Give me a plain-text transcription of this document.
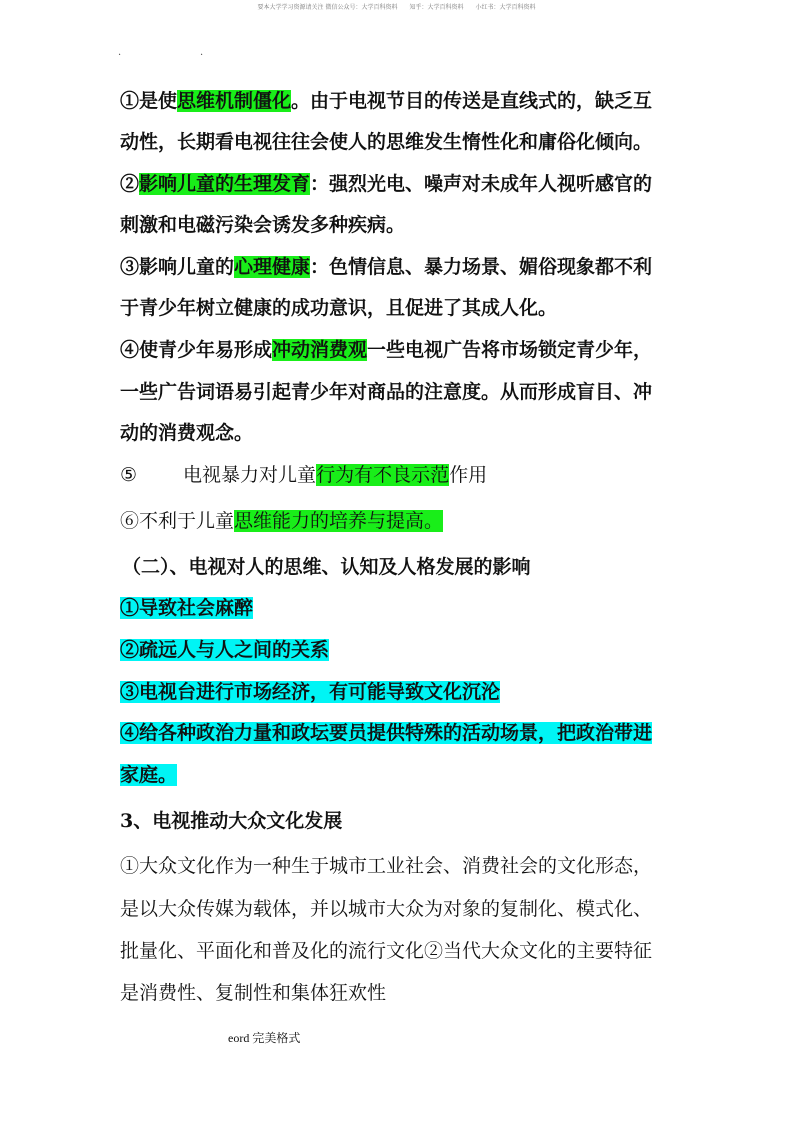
要本大学学习资源请关注 微信公众号：大学百科资料　　知乎：大学百科资料　　小红书：大学百科资料
·	·
①是使思维机制僵化。由于电视节目的传送是直线式的，缺乏互
动性，长期看电视往往会使人的思维发生惰性化和庸俗化倾向。
②影响儿童的生理发育：强烈光电、噪声对未成年人视听感官的
刺激和电磁污染会诱发多种疾病。
③影响儿童的心理健康：色情信息、暴力场景、媚俗现象都不利
于青少年树立健康的成功意识，且促进了其成人化。
④使青少年易形成冲动消费观一些电视广告将市场锁定青少年，
一些广告词语易引起青少年对商品的注意度。从而形成盲目、冲
动的消费观念。
⑤ 电视暴力对儿童行为有不良示范作用
⑥不利于儿童思维能力的培养与提高。
（二）、电视对人的思维、认知及人格发展的影响
①导致社会麻醉
②疏远人与人之间的关系
③电视台进行市场经济，有可能导致文化沉沦
④给各种政治力量和政坛要员提供特殊的活动场景，把政治带进
家庭。
3、电视推动大众文化发展
①大众文化作为一种生于城市工业社会、消费社会的文化形态，
是以大众传媒为载体，并以城市大众为对象的复制化、模式化、
批量化、平面化和普及化的流行文化②当代大众文化的主要特征
是消费性、复制性和集体狂欢性
eord 完美格式
